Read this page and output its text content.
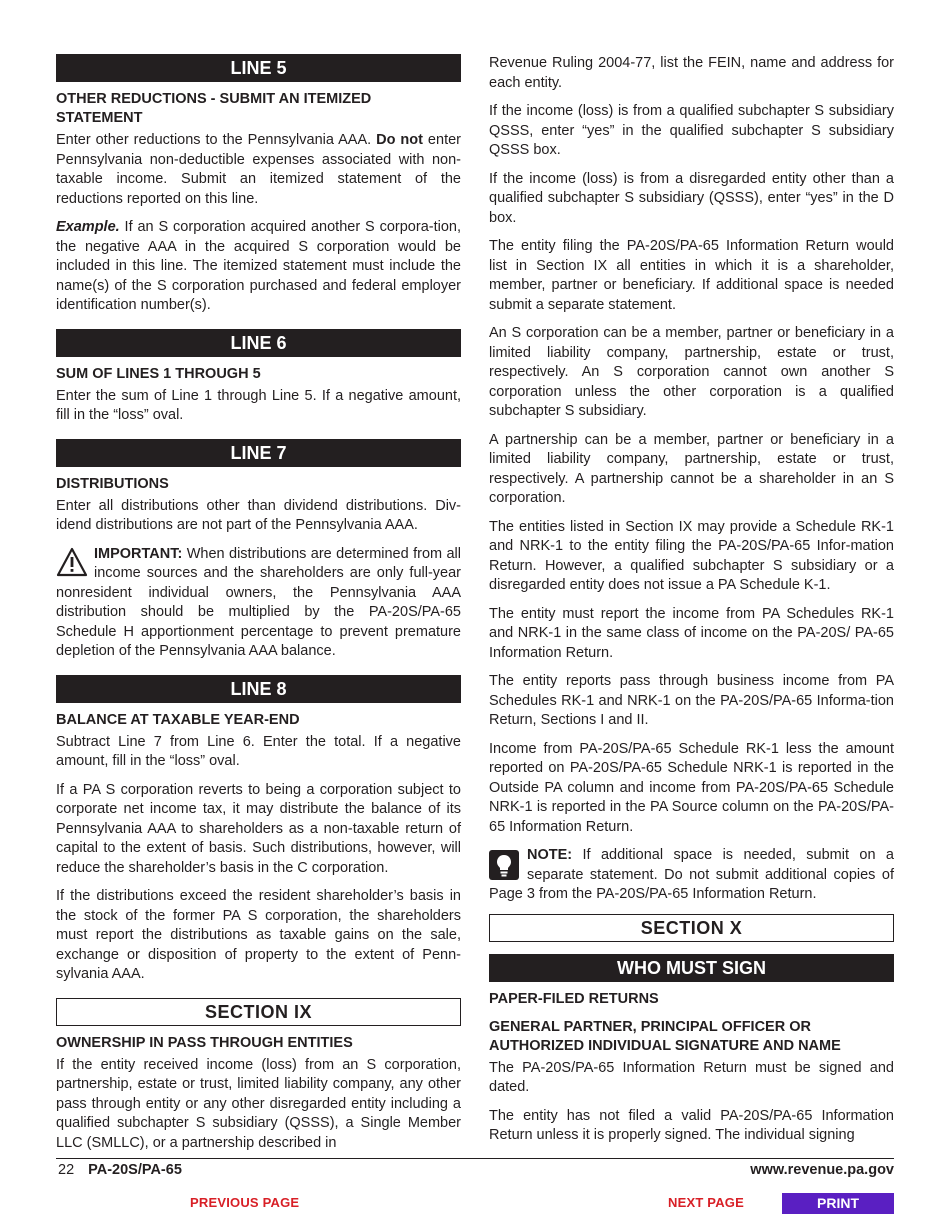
LINE 5
OTHER REDUCTIONS - SUBMIT AN ITEMIZED STATEMENT

Enter other reductions to the Pennsylvania AAA. Do not enter Pennsylvania non-deductible expenses associated with non-taxable income. Submit an itemized statement of the reductions reported on this line.

Example. If an S corporation acquired another S corpora-tion, the negative AAA in the acquired S corporation would be included in this line. The itemized statement must include the name(s) of the S corporation purchased and federal employer identification number(s).

LINE 6
SUM OF LINES 1 THROUGH 5

Enter the sum of Line 1 through Line 5. If a negative amount, fill in the “loss” oval.

LINE 7
DISTRIBUTIONS

Enter all distributions other than dividend distributions. Div-idend distributions are not part of the Pennsylvania AAA.

IMPORTANT: When distributions are determined from all income sources and the shareholders are only full-year nonresident individual owners, the Pennsylvania AAA distribution should be multiplied by the PA-20S/PA-65 Schedule H apportionment percentage to prevent premature depletion of the Pennsylvania AAA balance.

LINE 8
BALANCE AT TAXABLE YEAR-END

Subtract Line 7 from Line 6. Enter the total. If a negative amount, fill in the “loss” oval.

If a PA S corporation reverts to being a corporation subject to corporate net income tax, it may distribute the balance of its Pennsylvania AAA to shareholders as a non-taxable return of capital to the extent of basis. Such distributions, however, will reduce the shareholder’s basis in the C corporation.

If the distributions exceed the resident shareholder’s basis in the stock of the former PA S corporation, the shareholders must report the distributions as taxable gains on the sale, exchange or disposition of property to the extent of Penn-sylvania AAA.

SECTION IX
OWNERSHIP IN PASS THROUGH ENTITIES

If the entity received income (loss) from an S corporation, partnership, estate or trust, limited liability company, any other pass through entity or any other disregarded entity including a qualified subchapter S subsidiary (QSSS), a Single Member LLC (SMLLC), or a partnership described in

Revenue Ruling 2004-77, list the FEIN, name and address for each entity.

If the income (loss) is from a qualified subchapter S subsidiary QSSS, enter “yes” in the qualified subchapter S subsidiary QSSS box.

If the income (loss) is from a disregarded entity other than a qualified subchapter S subsidiary (QSSS), enter “yes” in the D box.

The entity filing the PA-20S/PA-65 Information Return would list in Section IX all entities in which it is a shareholder, member, partner or beneficiary. If additional space is needed submit a separate statement.

An S corporation can be a member, partner or beneficiary in a limited liability company, partnership, estate or trust, respectively. An S corporation cannot own another S corporation unless the other corporation is a qualified subchapter S subsidiary.

A partnership can be a member, partner or beneficiary in a limited liability company, partnership, estate or trust, respectively. A partnership cannot be a shareholder in an S corporation.

The entities listed in Section IX may provide a Schedule RK-1 and NRK-1 to the entity filing the PA-20S/PA-65 Infor-mation Return. However, a qualified subchapter S subsidiary or a disregarded entity does not issue a PA Schedule K-1.

The entity must report the income from PA Schedules RK-1 and NRK-1 in the same class of income on the PA-20S/ PA-65 Information Return.

The entity reports pass through business income from PA Schedules RK-1 and NRK-1 on the PA-20S/PA-65 Informa-tion Return, Sections I and II.

Income from PA-20S/PA-65 Schedule RK-1 less the amount reported on PA-20S/PA-65 Schedule NRK-1 is reported in the Outside PA column and income from PA-20S/PA-65 Schedule NRK-1 is reported in the PA Source column on the PA-20S/PA-65 Information Return.

NOTE: If additional space is needed, submit on a separate statement. Do not submit additional copies of Page 3 from the PA-20S/PA-65 Information Return.

SECTION X
WHO MUST SIGN
PAPER-FILED RETURNS
GENERAL PARTNER, PRINCIPAL OFFICER OR AUTHORIZED INDIVIDUAL SIGNATURE AND NAME

The PA-20S/PA-65 Information Return must be signed and dated.

The entity has not filed a valid PA-20S/PA-65 Information Return unless it is properly signed. The individual signing

22 PA-20S/PA-65	www.revenue.pa.gov
PREVIOUS PAGE	NEXT PAGE	PRINT
